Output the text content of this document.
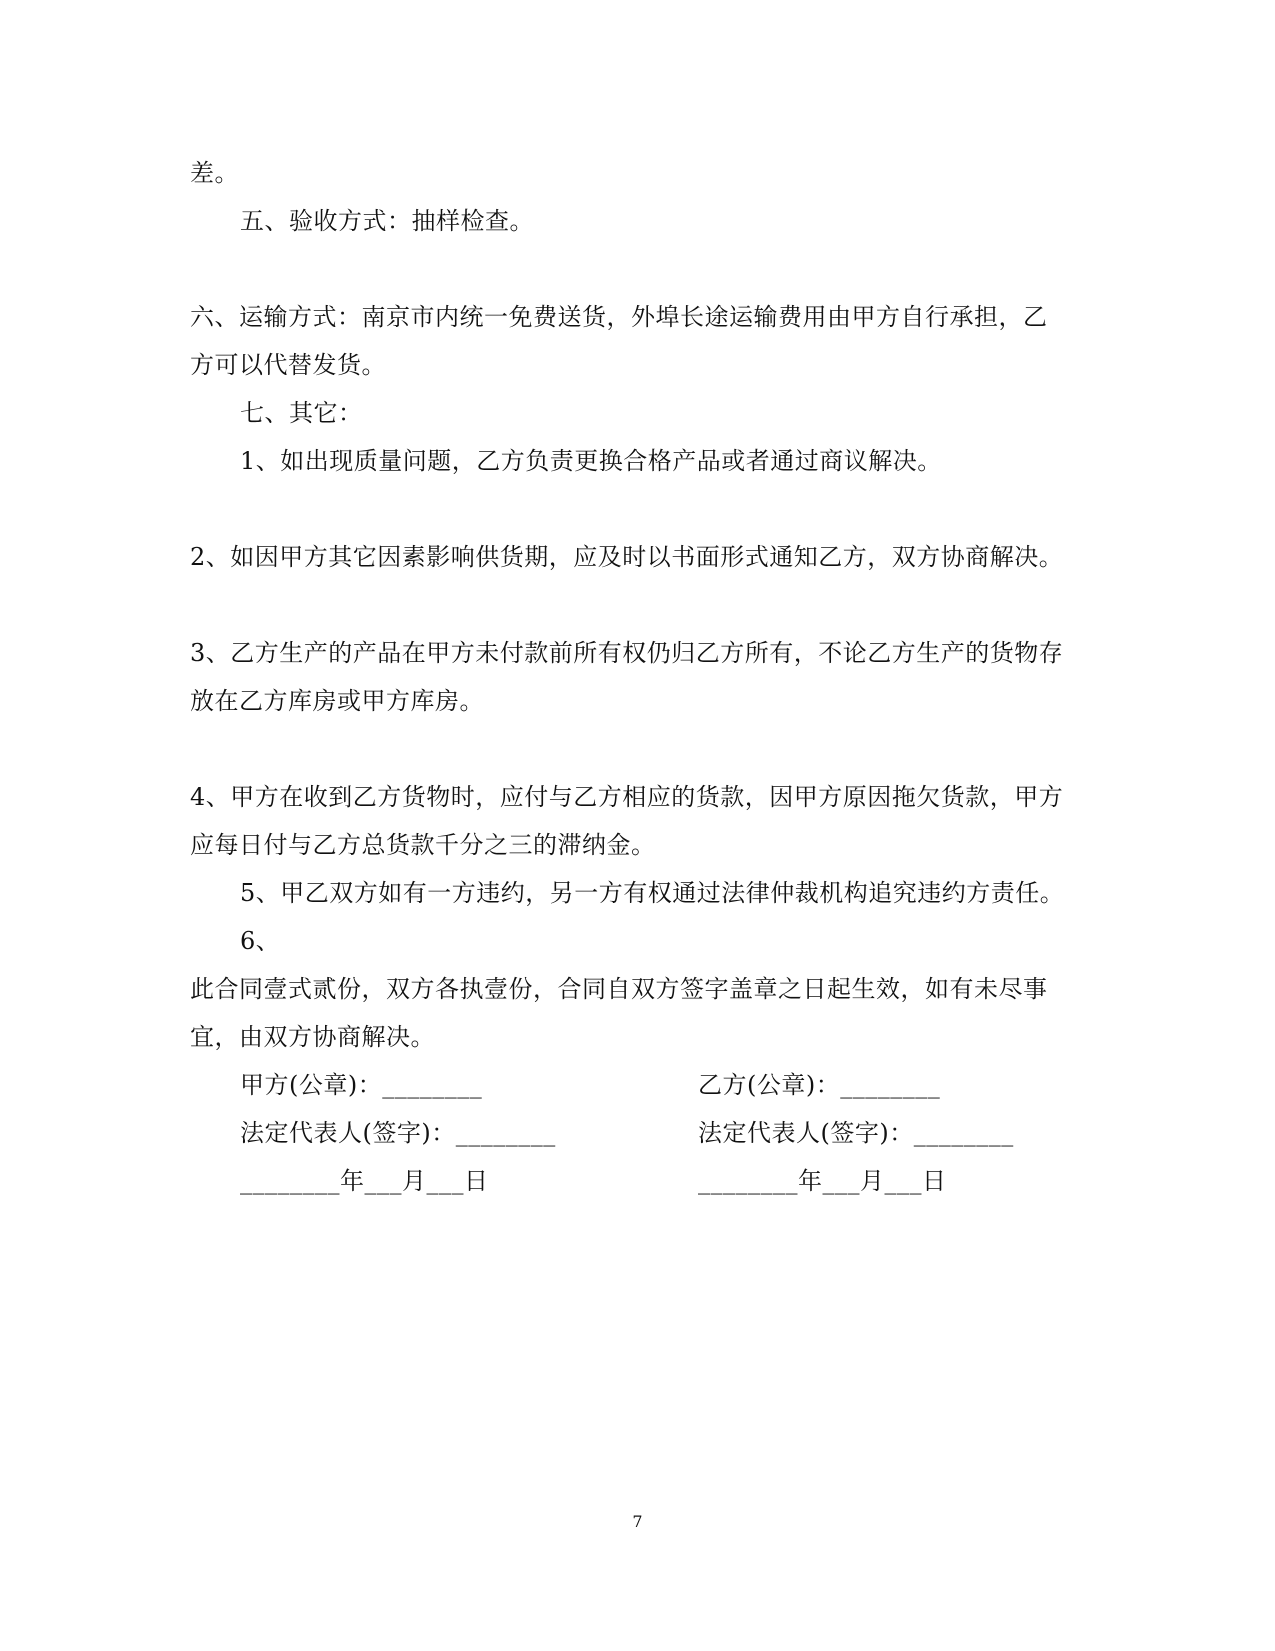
差。
五、验收方式：抽样检查。
六、运输方式：南京市内统一免费送货，外埠长途运输费用由甲方自行承担，乙
方可以代替发货。
七、其它：
1、如出现质量问题，乙方负责更换合格产品或者通过商议解决。
2、如因甲方其它因素影响供货期，应及时以书面形式通知乙方，双方协商解决。
3、乙方生产的产品在甲方未付款前所有权仍归乙方所有，不论乙方生产的货物存
放在乙方库房或甲方库房。
4、甲方在收到乙方货物时，应付与乙方相应的货款，因甲方原因拖欠货款，甲方
应每日付与乙方总货款千分之三的滞纳金。
5、甲乙双方如有一方违约，另一方有权通过法律仲裁机构追究违约方责任。
6、
此合同壹式贰份，双方各执壹份，合同自双方签字盖章之日起生效，如有未尽事
宜，由双方协商解决。
甲方(公章)：________
法定代表人(签字)：________
________年___月___日
乙方(公章)：________
法定代表人(签字)：________
________年___月___日
7
